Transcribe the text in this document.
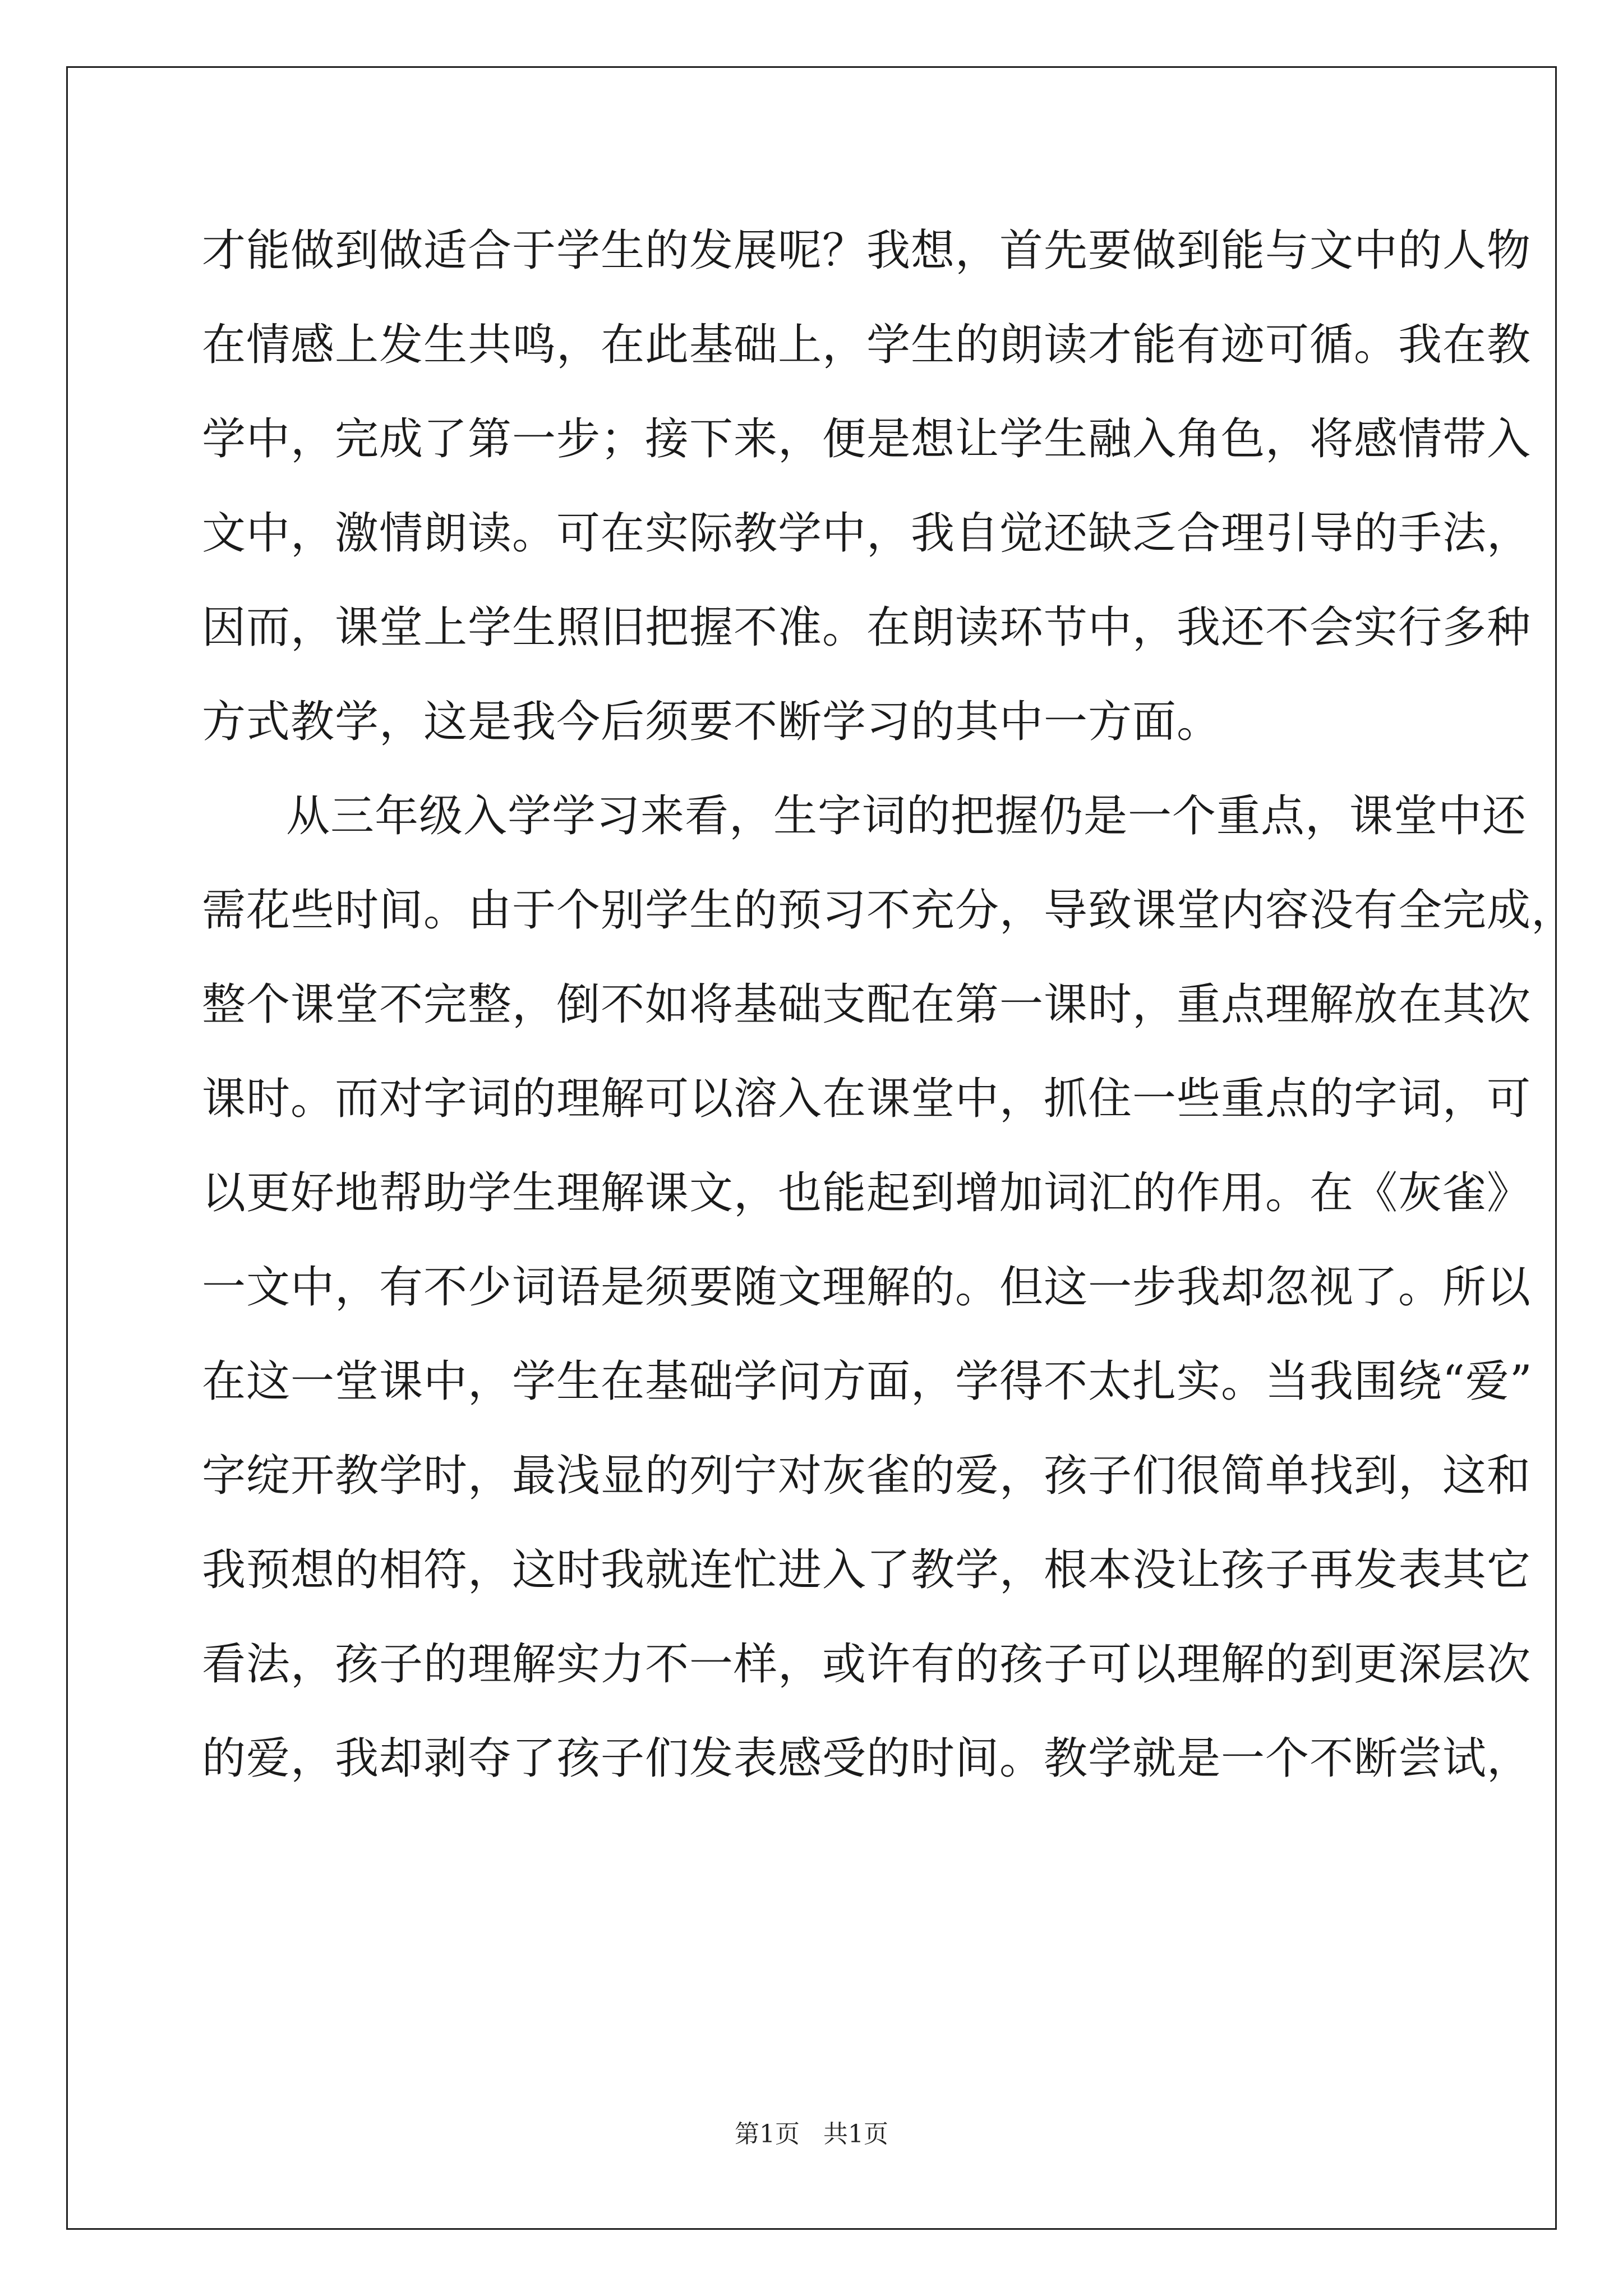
才能做到做适合于学生的发展呢？我想，首先要做到能与文中的人物
在情感上发生共鸣，在此基础上，学生的朗读才能有迹可循。我在教
学中，完成了第一步；接下来，便是想让学生融入角色，将感情带入
文中，激情朗读。可在实际教学中，我自觉还缺乏合理引导的手法，
因而，课堂上学生照旧把握不准。在朗读环节中，我还不会实行多种
方式教学，这是我今后须要不断学习的其中一方面。
从三年级入学学习来看，生字词的把握仍是一个重点，课堂中还
需花些时间。由于个别学生的预习不充分，导致课堂内容没有全完成，
整个课堂不完整，倒不如将基础支配在第一课时，重点理解放在其次
课时。而对字词的理解可以溶入在课堂中，抓住一些重点的字词，可
以更好地帮助学生理解课文，也能起到增加词汇的作用。在《灰雀》
一文中，有不少词语是须要随文理解的。但这一步我却忽视了。所以
在这一堂课中，学生在基础学问方面，学得不太扎实。当我围绕“爱”
字绽开教学时，最浅显的列宁对灰雀的爱，孩子们很简单找到，这和
我预想的相符，这时我就连忙进入了教学，根本没让孩子再发表其它
看法，孩子的理解实力不一样，或许有的孩子可以理解的到更深层次
的爱，我却剥夺了孩子们发表感受的时间。教学就是一个不断尝试，
第1页 共1页
